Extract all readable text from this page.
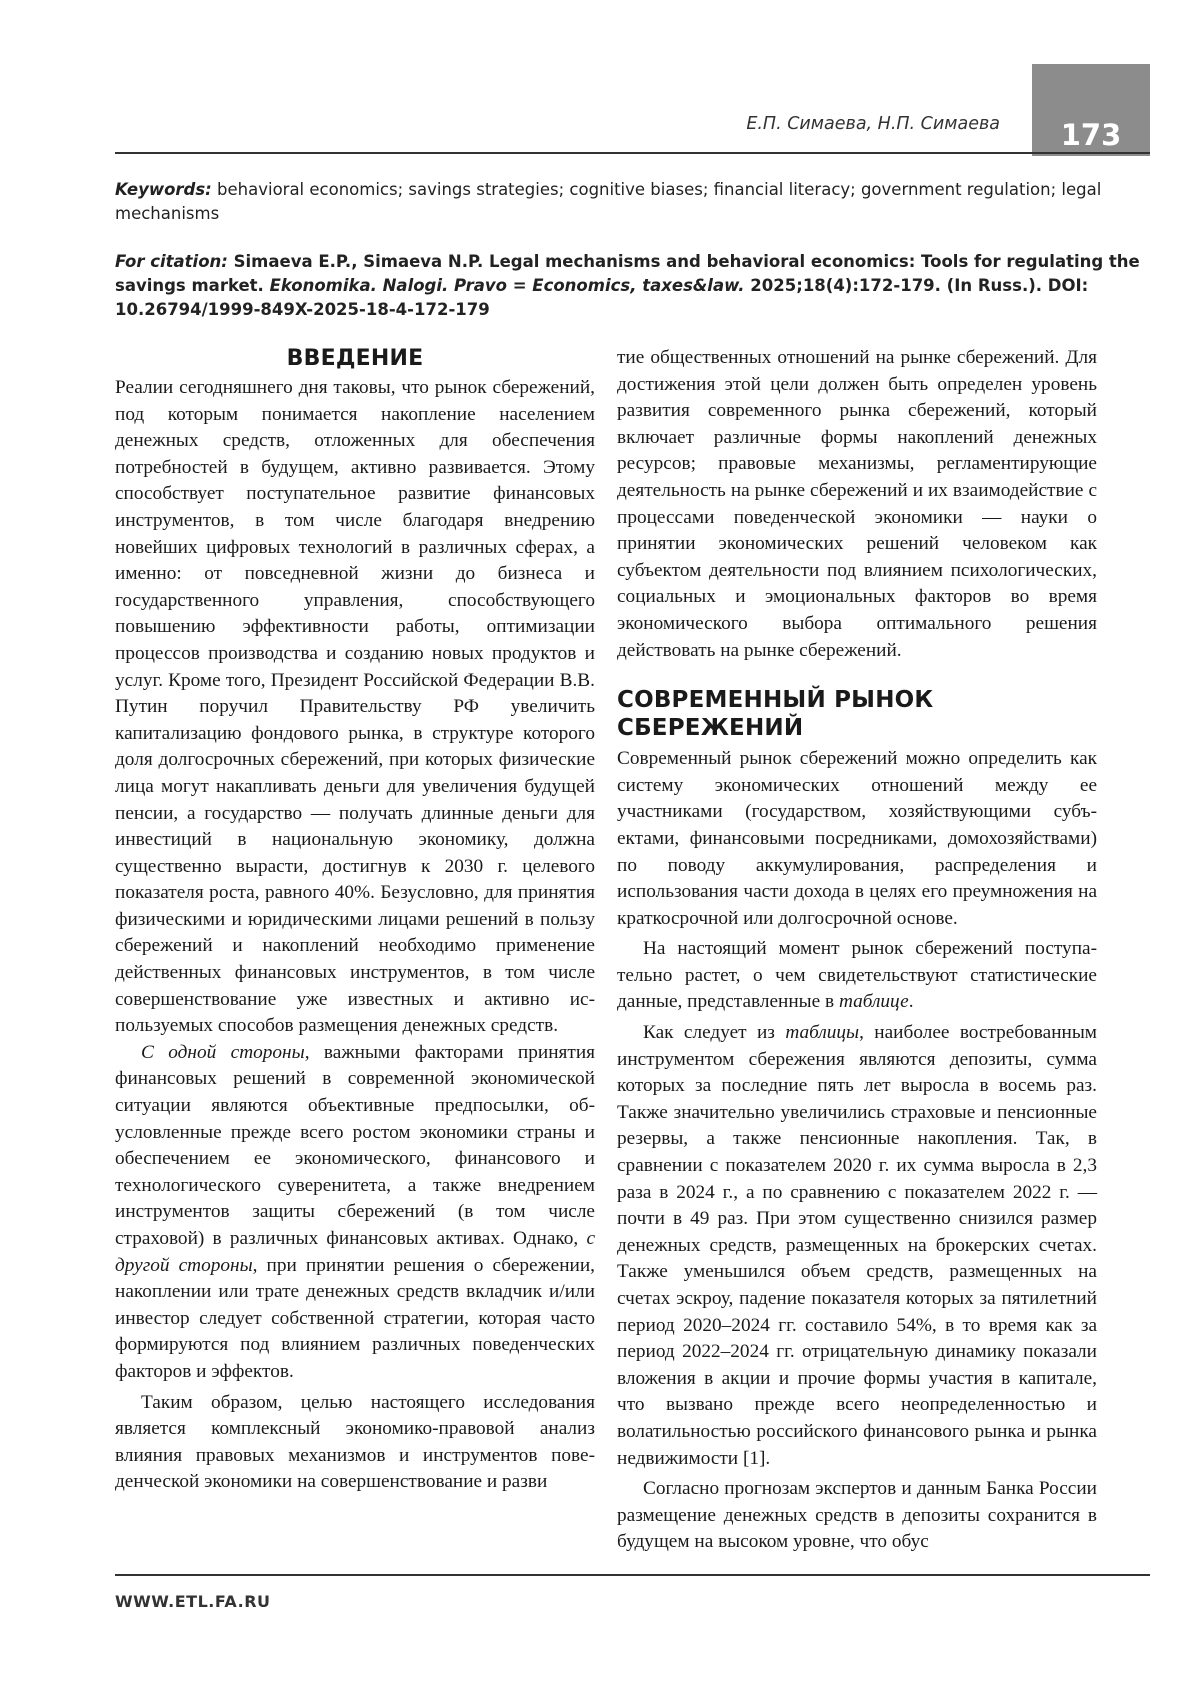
Е.П. Симаева, Н.П. Симаева	173
Keywords: behavioral economics; savings strategies; cognitive biases; financial literacy; government regulation; legal mechanisms
For citation: Simaeva E.P., Simaeva N.P. Legal mechanisms and behavioral economics: Tools for regulating the savings market. Ekonomika. Nalogi. Pravo = Economics, taxes&law. 2025;18(4):172-179. (In Russ.). DOI: 10.26794/1999-849X-2025-18-4-172-179
ВВЕДЕНИЕ

Реалии сегодняшнего дня таковы, что рынок сбережений, под которым понимается накопление населением денежных средств, отложенных для обеспечения потребностей в будущем, активно развивается. Этому способствует поступательное развитие финансовых инструментов, в том числе благодаря внедрению новейших цифровых технологий в различных сферах, а именно: от повседневной жизни до бизнеса и государственного управления, способствующего повышению эффективности работы, оптимизации процессов производства и созданию новых продуктов и услуг. Кроме того, Президент Российской Федерации В.В. Путин поручил Правительству РФ увеличить капитализацию фондового рынка, в структуре которого доля долгосрочных сбережений, при которых физические лица могут накапливать деньги для увеличения будущей пенсии, а государство — получать длинные деньги для инвестиций в национальную экономику, должна существенно вырасти, достигнув к 2030 г. целевого показателя роста, равного 40%. Безусловно, для принятия физическими и юридическими лицами решений в пользу сбережений и накоплений необходимо применение действенных финансовых инструментов, в том числе совершенствование уже известных и активно используемых способов размещения денежных средств.

С одной стороны, важными факторами принятия финансовых решений в современной экономической ситуации являются объективные предпосылки, обусловленные прежде всего ростом экономики страны и обеспечением ее экономического, финансового и технологического суверенитета, а также внедрением инструментов защиты сбережений (в том числе страховой) в различных финансовых активах. Однако, с другой стороны, при принятии решения о сбережении, накоплении или трате денежных средств вкладчик и/или инвестор следует собственной стратегии, которая часто формируются под влиянием различных поведенческих факторов и эффектов.

Таким образом, целью настоящего исследования является комплексный экономико-правовой анализ влияния правовых механизмов и инструментов поведенческой экономики на совершенствование и разви

тие общественных отношений на рынке сбережений. Для достижения этой цели должен быть определен уровень развития современного рынка сбережений, который включает различные формы накоплений денежных ресурсов; правовые механизмы, регламентирующие деятельность на рынке сбережений и их взаимодействие с процессами поведенческой экономики — науки о принятии экономических решений человеком как субъектом деятельности под влиянием психологических, социальных и эмоциональных факторов во время экономического выбора оптимального решения действовать на рынке сбережений.

СОВРЕМЕННЫЙ РЫНОК СБЕРЕЖЕНИЙ

Современный рынок сбережений можно определить как систему экономических отношений между ее участниками (государством, хозяйствующими субъектами, финансовыми посредниками, домохозяйствами) по поводу аккумулирования, распределения и использования части дохода в целях его преумножения на краткосрочной или долгосрочной основе.

На настоящий момент рынок сбережений поступательно растет, о чем свидетельствуют статистические данные, представленные в таблице.

Как следует из таблицы, наиболее востребованным инструментом сбережения являются депозиты, сумма которых за последние пять лет выросла в восемь раз. Также значительно увеличились страховые и пенсионные резервы, а также пенсионные накопления. Так, в сравнении с показателем 2020 г. их сумма выросла в 2,3 раза в 2024 г., а по сравнению с показателем 2022 г. — почти в 49 раз. При этом существенно снизился размер денежных средств, размещенных на брокерских счетах. Также уменьшился объем средств, размещенных на счетах эскроу, падение показателя которых за пятилетний период 2020–2024 гг. составило 54%, в то время как за период 2022–2024 гг. отрицательную динамику показали вложения в акции и прочие формы участия в капитале, что вызвано прежде всего неопределенностью и волатильностью российского финансового рынка и рынка недвижимости [1].

Согласно прогнозам экспертов и данным Банка России размещение денежных средств в депозиты сохранится в будущем на высоком уровне, что обус

WWW.ETL.FA.RU
